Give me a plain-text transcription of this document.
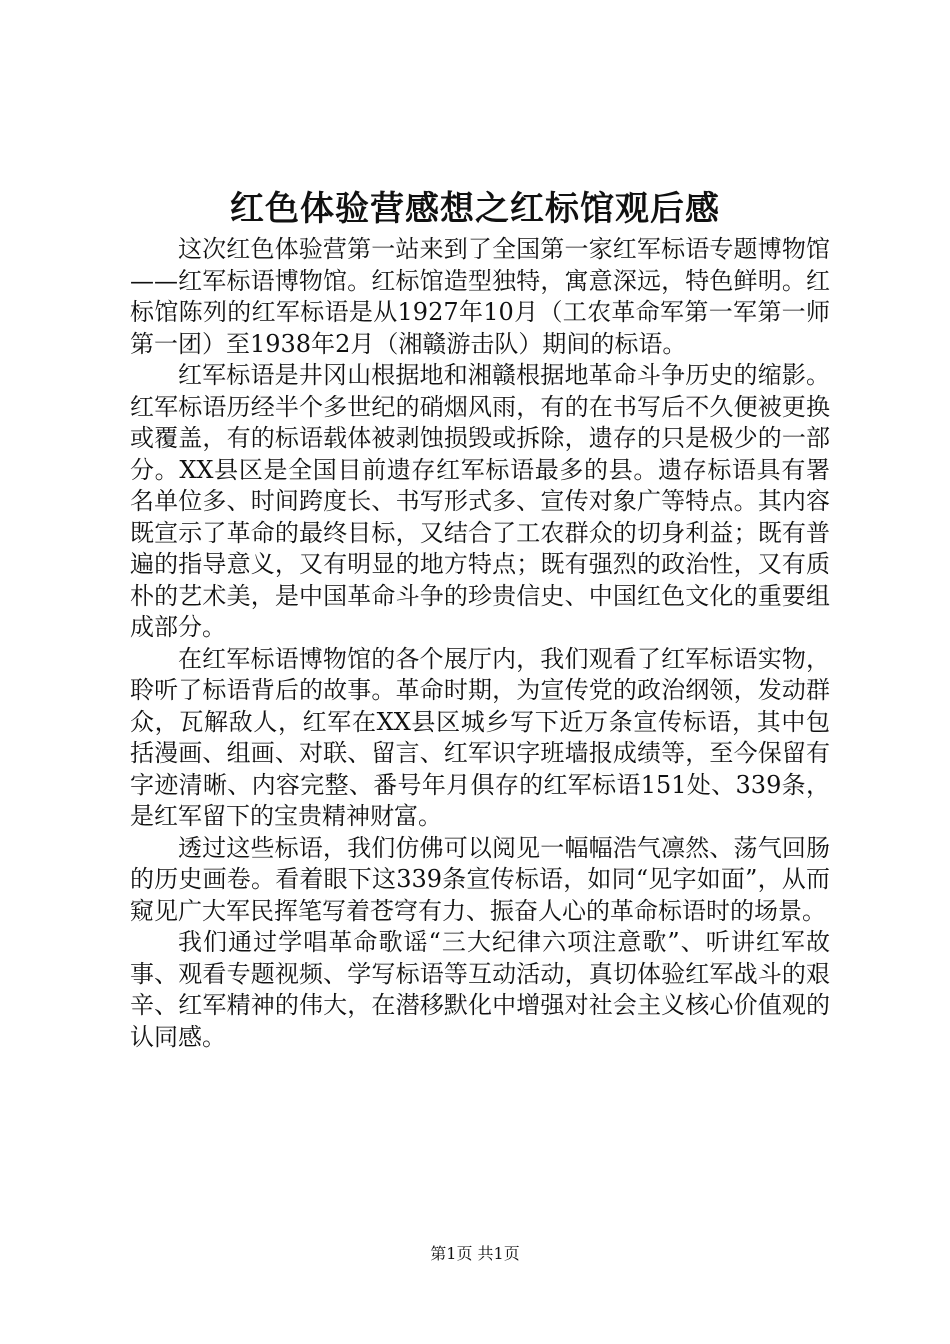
红色体验营感想之红标馆观后感

这次红色体验营第一站来到了全国第一家红军标语专题博物馆——红军标语博物馆。红标馆造型独特，寓意深远，特色鲜明。红标馆陈列的红军标语是从1927年10月（工农革命军第一军第一师第一团）至1938年2月（湘赣游击队）期间的标语。

红军标语是井冈山根据地和湘赣根据地革命斗争历史的缩影。红军标语历经半个多世纪的硝烟风雨，有的在书写后不久便被更换或覆盖，有的标语载体被剥蚀损毁或拆除，遗存的只是极少的一部分。XX县区是全国目前遗存红军标语最多的县。遗存标语具有署名单位多、时间跨度长、书写形式多、宣传对象广等特点。其内容既宣示了革命的最终目标，又结合了工农群众的切身利益；既有普遍的指导意义，又有明显的地方特点；既有强烈的政治性，又有质朴的艺术美，是中国革命斗争的珍贵信史、中国红色文化的重要组成部分。

在红军标语博物馆的各个展厅内，我们观看了红军标语实物，聆听了标语背后的故事。革命时期，为宣传党的政治纲领，发动群众，瓦解敌人，红军在XX县区城乡写下近万条宣传标语，其中包括漫画、组画、对联、留言、红军识字班墙报成绩等，至今保留有字迹清晰、内容完整、番号年月俱存的红军标语151处、339条，是红军留下的宝贵精神财富。

透过这些标语，我们仿佛可以阅见一幅幅浩气凛然、荡气回肠的历史画卷。看着眼下这339条宣传标语，如同“见字如面”，从而窥见广大军民挥笔写着苍穹有力、振奋人心的革命标语时的场景。

我们通过学唱革命歌谣“三大纪律六项注意歌”、听讲红军故事、观看专题视频、学写标语等互动活动，真切体验红军战斗的艰辛、红军精神的伟大，在潜移默化中增强对社会主义核心价值观的认同感。

第1页 共1页
